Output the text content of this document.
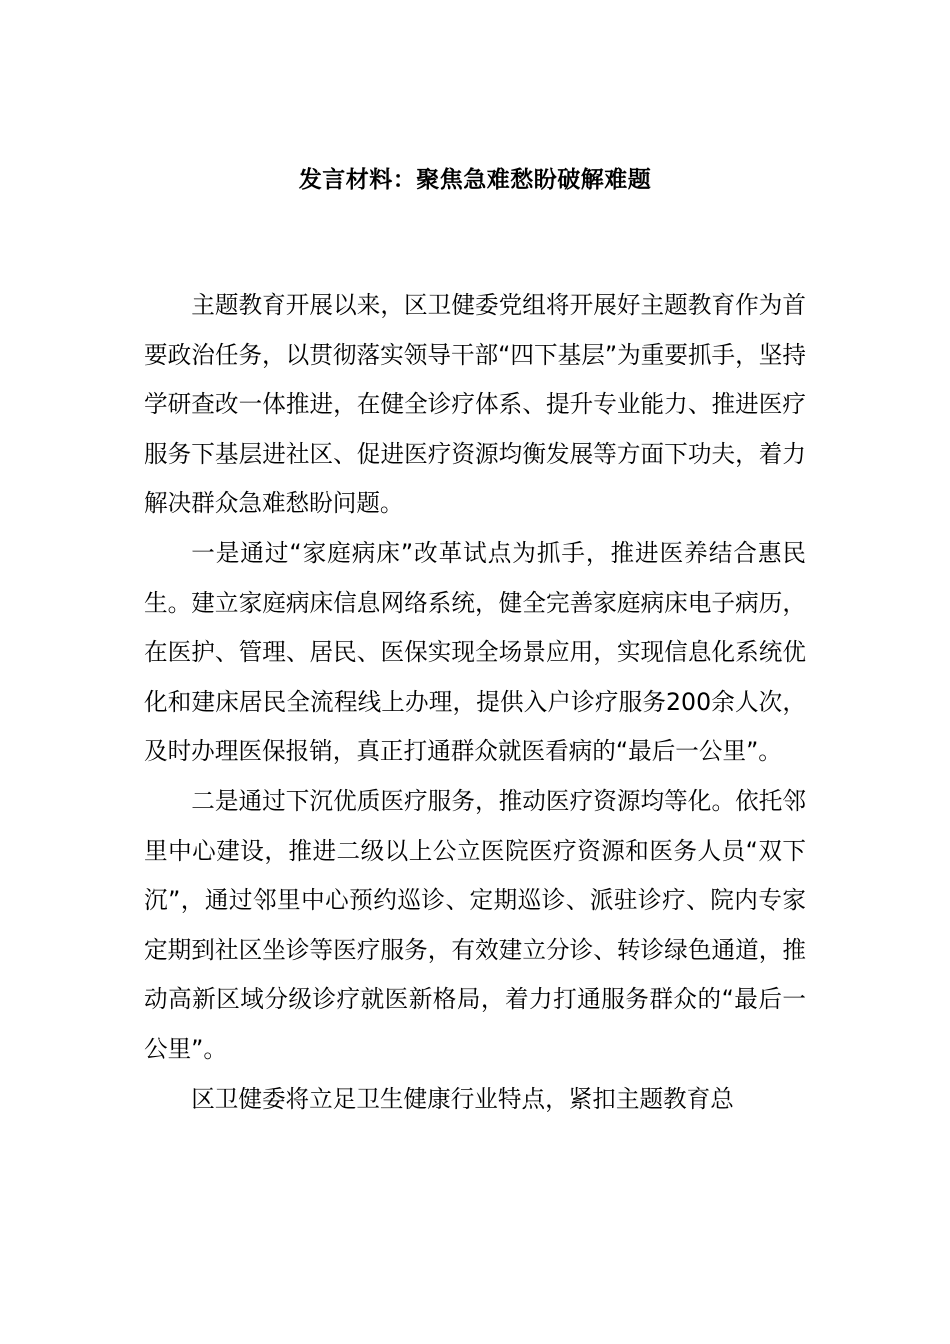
发言材料：聚焦急难愁盼破解难题

主题教育开展以来，区卫健委党组将开展好主题教育作为首要政治任务，以贯彻落实领导干部“四下基层”为重要抓手，坚持学研查改一体推进，在健全诊疗体系、提升专业能力、推进医疗服务下基层进社区、促进医疗资源均衡发展等方面下功夫，着力解决群众急难愁盼问题。

一是通过“家庭病床”改革试点为抓手，推进医养结合惠民生。建立家庭病床信息网络系统，健全完善家庭病床电子病历，在医护、管理、居民、医保实现全场景应用，实现信息化系统优化和建床居民全流程线上办理，提供入户诊疗服务200余人次，及时办理医保报销，真正打通群众就医看病的“最后一公里”。

二是通过下沉优质医疗服务，推动医疗资源均等化。依托邻里中心建设，推进二级以上公立医院医疗资源和医务人员“双下沉”，通过邻里中心预约巡诊、定期巡诊、派驻诊疗、院内专家定期到社区坐诊等医疗服务，有效建立分诊、转诊绿色通道，推动高新区域分级诊疗就医新格局，着力打通服务群众的“最后一公里”。

区卫健委将立足卫生健康行业特点，紧扣主题教育总
